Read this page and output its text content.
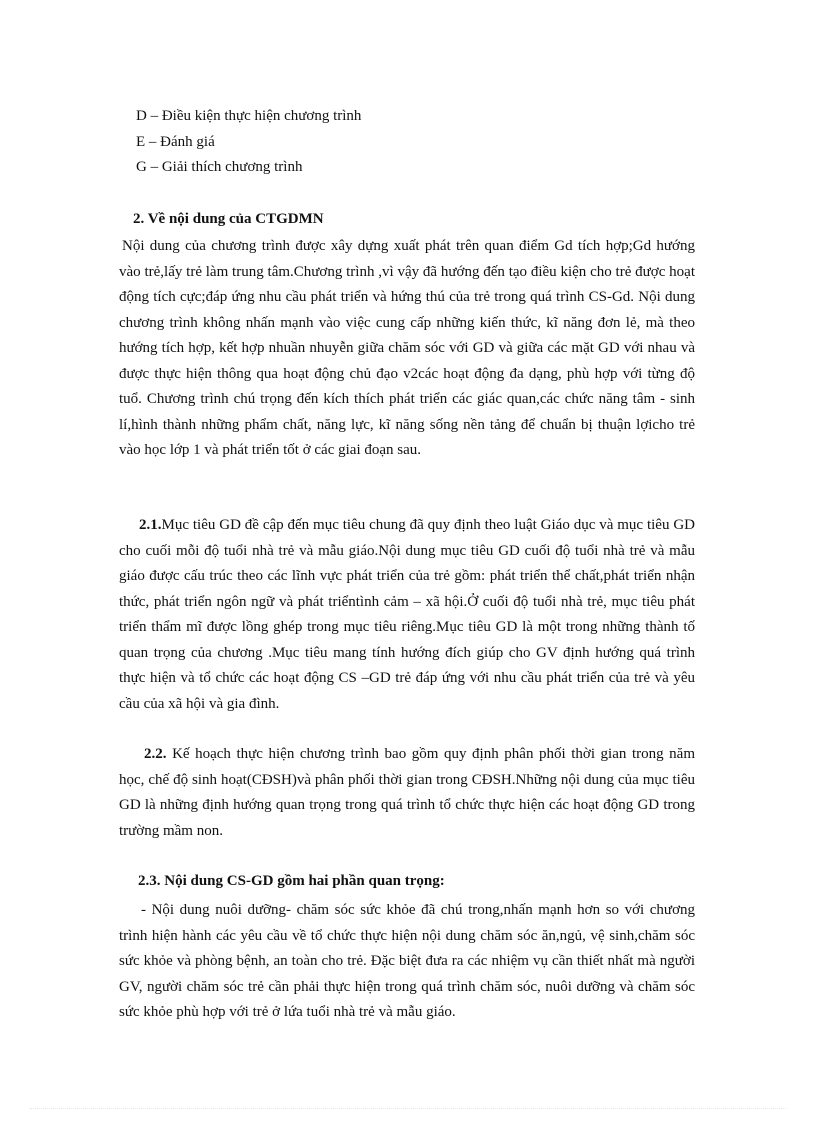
D – Điều kiện thực hiện chương trình
E – Đánh giá
G – Giải thích chương trình
2. Về nội dung của CTGDMN

Nội dung của chương trình được xây dựng xuất phát trên quan điểm Gd tích hợp;Gd hướng vào trẻ,lấy trẻ làm trung tâm.Chương trình ,vì vậy đã hướng đến tạo điều kiện cho trẻ được hoạt động tích cực;đáp ứng nhu cầu phát triển và hứng thú của trẻ trong quá trình CS-Gd. Nội dung chương trình không nhấn mạnh vào việc cung cấp những kiến thức, kĩ năng đơn lẻ, mà theo hướng tích hợp, kết hợp nhuần nhuyễn giữa chăm sóc với GD và giữa các mặt GD với nhau và được thực hiện thông qua hoạt động chủ đạo v2các hoạt động đa dạng, phù hợp với từng độ tuổ. Chương trình chú trọng đến kích thích phát triển các giác quan,các chức năng tâm - sinh lí,hình thành những phẩm chất, năng lực, kĩ năng sống nền tảng để chuẩn bị thuận lợicho trẻ vào học lớp 1 và phát triển tốt ở các giai đoạn sau.

2.1.Mục tiêu GD đề cập đến mục tiêu chung đã quy định theo luật Giáo dục và mục tiêu GD cho cuối mỗi độ tuổi nhà trẻ và mẫu giáo.Nội dung mục tiêu GD cuối độ tuổi nhà trẻ và mẫu giáo được cấu trúc theo các lĩnh vực phát triển của trẻ gồm: phát triển thể chất,phát triển nhận thức, phát triển ngôn ngữ và phát triểntình cảm – xã hội.Ở cuối độ tuổi nhà trẻ, mục tiêu phát triển thẩm mĩ được lồng ghép trong mục tiêu riêng.Mục tiêu GD là một trong những thành tố quan trọng của chương .Mục tiêu mang tính hướng đích giúp cho GV định hướng quá trình thực hiện và tổ chức các hoạt động CS –GD trẻ đáp ứng với nhu cầu phát triển của trẻ và yêu cầu của xã hội và gia đình.

2.2. Kế hoạch thực hiện chương trình bao gồm quy định phân phối thời gian trong năm học, chế độ sinh hoạt(CĐSH)và phân phối thời gian trong CĐSH.Những nội dung của mục tiêu GD là những định hướng quan trọng trong quá trình tổ chức thực hiện các hoạt động GD trong trường mầm non.

2.3. Nội dung CS-GD gồm hai phần quan trọng:

- Nội dung nuôi dưỡng- chăm sóc sức khỏe đã chú trong,nhấn mạnh hơn so với chương trình hiện hành các yêu cầu về tổ chức thực hiện nội dung chăm sóc ăn,ngủ, vệ sinh,chăm sóc sức khỏe và phòng bệnh, an toàn cho trẻ. Đặc biệt đưa ra các nhiệm vụ cần thiết nhất mà người GV, người chăm sóc trẻ cần phải thực hiện trong quá trình chăm sóc, nuôi dưỡng và chăm sóc sức khỏe phù hợp với trẻ ở lứa tuổi nhà trẻ và mẫu giáo.
